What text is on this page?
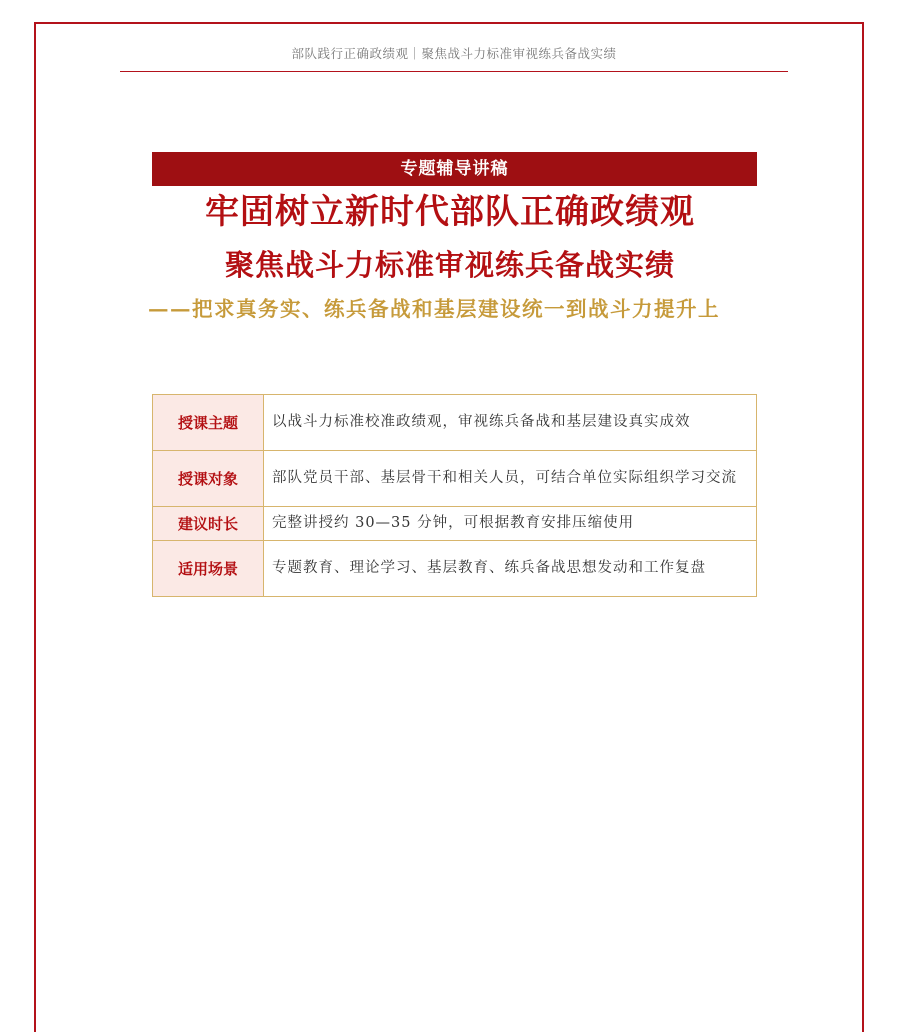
部队践行正确政绩观｜聚焦战斗力标准审视练兵备战实绩
专题辅导讲稿
牢固树立新时代部队正确政绩观
聚焦战斗力标准审视练兵备战实绩
——把求真务实、练兵备战和基层建设统一到战斗力提升上
授课主题	以战斗力标准校准政绩观，审视练兵备战和基层建设真实成效
授课对象	部队党员干部、基层骨干和相关人员，可结合单位实际组织学习交流
建议时长	完整讲授约 30—35 分钟，可根据教育安排压缩使用
适用场景	专题教育、理论学习、基层教育、练兵备战思想发动和工作复盘
